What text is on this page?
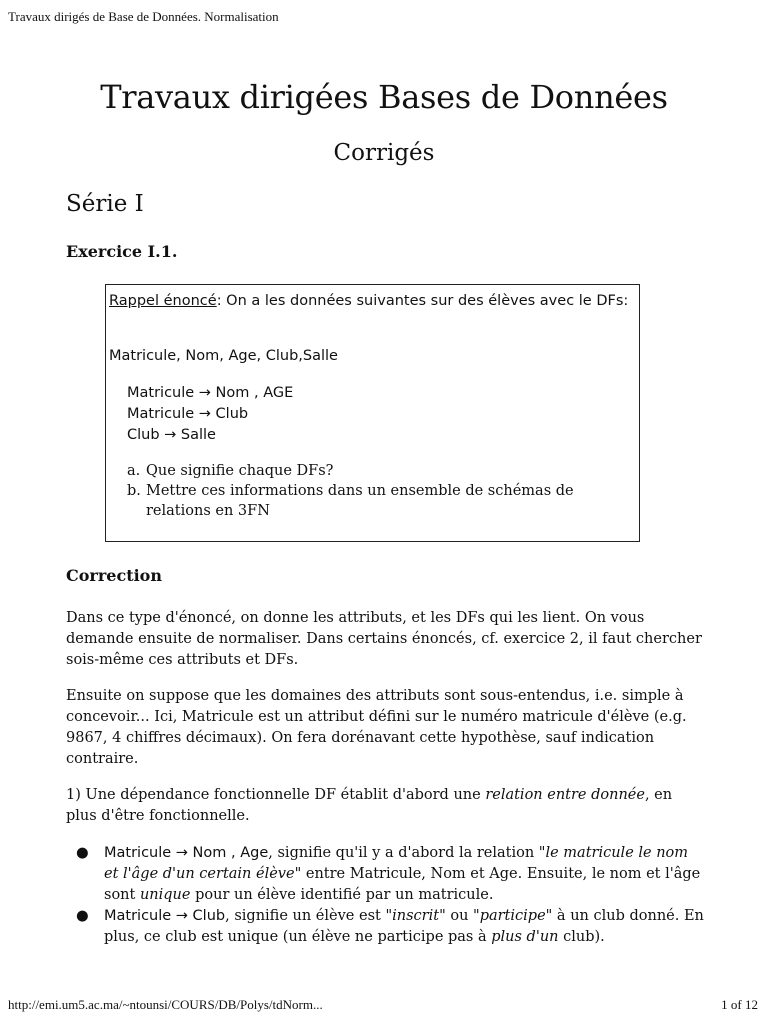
Travaux dirigés de Base de Données. Normalisation
Travaux dirigées Bases de Données
Corrigés
Série I
Exercice I.1.
Rappel énoncé: On a les données suivantes sur des élèves avec le DFs:
Matricule, Nom, Age, Club,Salle
Matricule → Nom , AGE
Matricule → Club
Club → Salle
a. Que signifie chaque DFs?
b. Mettre ces informations dans un ensemble de schémas de relations en 3FN
Correction
Dans ce type d'énoncé, on donne les attributs, et les DFs qui les lient. On vous demande ensuite de normaliser. Dans certains énoncés, cf. exercice 2, il faut chercher sois-même ces attributs et DFs.
Ensuite on suppose que les domaines des attributs sont sous-entendus, i.e. simple à concevoir... Ici, Matricule est un attribut défini sur le numéro matricule d'élève (e.g. 9867, 4 chiffres décimaux). On fera dorénavant cette hypothèse, sauf indication contraire.
1) Une dépendance fonctionnelle DF établit d'abord une relation entre donnée, en plus d'être fonctionnelle.
●	Matricule → Nom , Age, signifie qu'il y a d'abord la relation "le matricule le nom et l'âge d'un certain élève" entre Matricule, Nom et Age. Ensuite, le nom et l'âge sont unique pour un élève identifié par un matricule.
●	Matricule → Club, signifie un élève est "inscrit" ou "participe" à un club donné. En plus, ce club est unique (un élève ne participe pas à plus d'un club).
http://emi.um5.ac.ma/~ntounsi/COURS/DB/Polys/tdNorm...	1 of 12
